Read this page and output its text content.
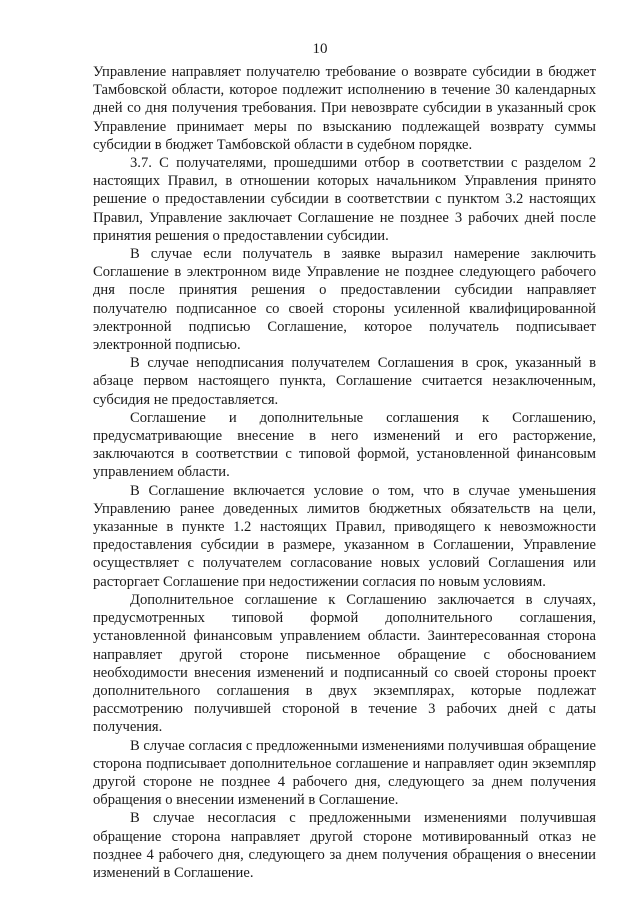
10

Управление направляет получателю требование о возврате субсидии в бюджет Тамбовской области, которое подлежит исполнению в течение 30 календарных дней со дня получения требования. При невозврате субсидии в указанный срок Управление принимает меры по взысканию подлежащей возврату суммы субсидии в бюджет Тамбовской области в судебном порядке.

3.7. С получателями, прошедшими отбор в соответствии с разделом 2 настоящих Правил, в отношении которых начальником Управления принято решение о предоставлении субсидии в соответствии с пунктом 3.2 настоящих Правил, Управление заключает Соглашение не позднее 3 рабочих дней после принятия решения о предоставлении субсидии.

В случае если получатель в заявке выразил намерение заключить Соглашение в электронном виде Управление не позднее следующего рабочего дня после принятия решения о предоставлении субсидии направляет получателю подписанное со своей стороны усиленной квалифицированной электронной подписью Соглашение, которое получатель подписывает электронной подписью.

В случае неподписания получателем Соглашения в срок, указанный в абзаце первом настоящего пункта, Соглашение считается незаключенным, субсидия не предоставляется.

Соглашение и дополнительные соглашения к Соглашению, предусматривающие внесение в него изменений и его расторжение, заключаются в соответствии с типовой формой, установленной финансовым управлением области.

В Соглашение включается условие о том, что в случае уменьшения Управлению ранее доведенных лимитов бюджетных обязательств на цели, указанные в пункте 1.2 настоящих Правил, приводящего к невозможности предоставления субсидии в размере, указанном в Соглашении, Управление осуществляет с получателем согласование новых условий Соглашения или расторгает Соглашение при недостижении согласия по новым условиям.

Дополнительное соглашение к Соглашению заключается в случаях, предусмотренных типовой формой дополнительного соглашения, установленной финансовым управлением области. Заинтересованная сторона направляет другой стороне письменное обращение с обоснованием необходимости внесения изменений и подписанный со своей стороны проект дополнительного соглашения в двух экземплярах, которые подлежат рассмотрению получившей стороной в течение 3 рабочих дней с даты получения.

В случае согласия с предложенными изменениями получившая обращение сторона подписывает дополнительное соглашение и направляет один экземпляр другой стороне не позднее 4 рабочего дня, следующего за днем получения обращения о внесении изменений в Соглашение.

В случае несогласия с предложенными изменениями получившая обращение сторона направляет другой стороне мотивированный отказ не позднее 4 рабочего дня, следующего за днем получения обращения о внесении изменений в Соглашение.
